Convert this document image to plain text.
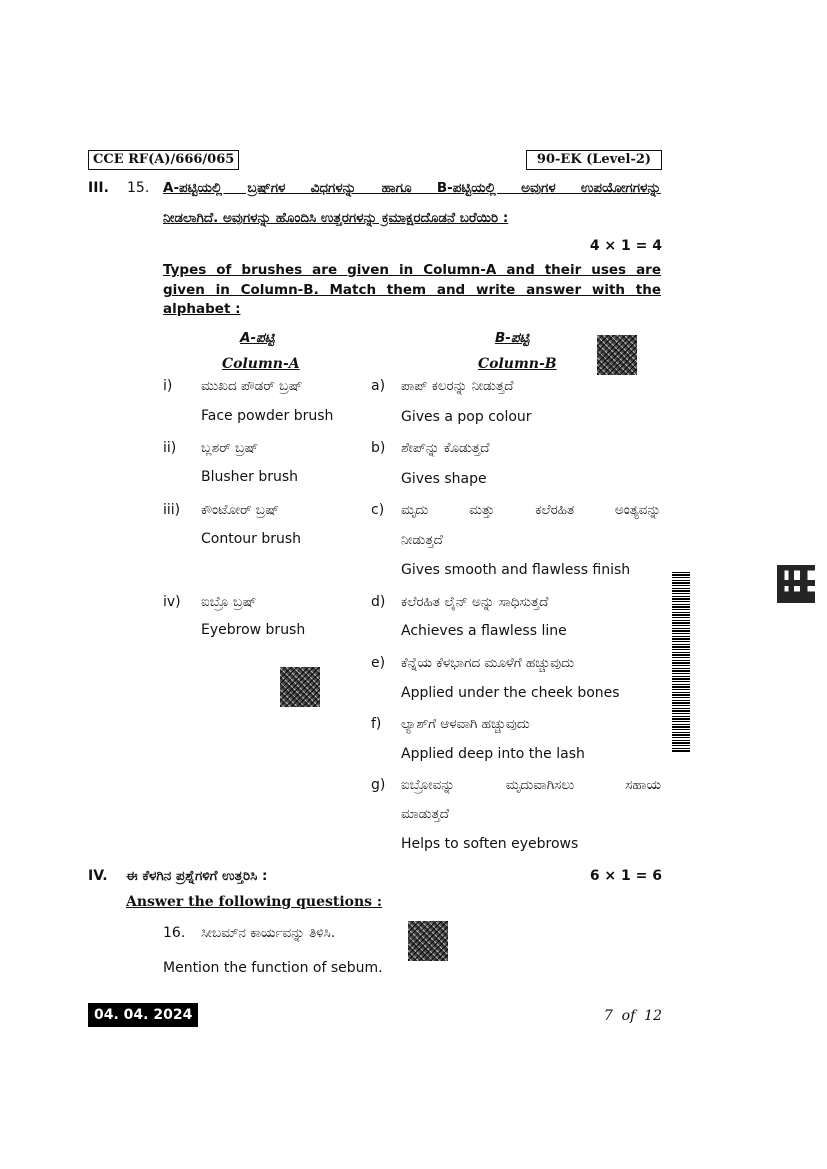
CCE RF(A)/666/065	90-EK (Level-2)
III. 15. A-ಪಟ್ಟಿಯಲ್ಲಿ ಬ್ರಷ್‌ಗಳ ವಿಧಗಳನ್ನು ಹಾಗೂ B-ಪಟ್ಟಿಯಲ್ಲಿ ಅವುಗಳ ಉಪಯೋಗಗಳನ್ನು
ನೀಡಲಾಗಿದೆ. ಅವುಗಳನ್ನು ಹೊಂದಿಸಿ ಉತ್ತರಗಳನ್ನು ಕ್ರಮಾಕ್ಷರದೊಡನೆ ಬರೆಯಿರಿ :
4 × 1 = 4
Types of brushes are given in Column-A and their uses are
given in Column-B. Match them and write answer with the
alphabet :
A-ಪಟ್ಟಿ
Column-A
B-ಪಟ್ಟಿ
Column-B
i) ಮುಖದ ಪೌಡರ್ ಬ್ರಷ್
Face powder brush
ii) ಬ್ಲಶರ್ ಬ್ರಷ್
Blusher brush
iii) ಕೌಂಟೋರ್ ಬ್ರಷ್
Contour brush
iv) ಐಬ್ರೊ ಬ್ರಷ್
Eyebrow brush
a) ಪಾಪ್ ಕಲರನ್ನು ನೀಡುತ್ತದೆ
Gives a pop colour
b) ಶೇಪ್‌ನ್ನು ಕೊಡುತ್ತದೆ
Gives shape
c) ಮೃದು ಮತ್ತು ಕಲೆರಹಿತ ಅಂತ್ಯವನ್ನು
ನೀಡುತ್ತದೆ
Gives smooth and flawless finish
d) ಕಲೆರಹಿತ ಲೈನ್ ಅನ್ನು ಸಾಧಿಸುತ್ತದೆ
Achieves a flawless line
e) ಕೆನ್ನೆಯ ಕೆಳಭಾಗದ ಮೂಳೆಗೆ ಹಚ್ಚುವುದು
Applied under the cheek bones
f) ಲ್ಯಾಶ್‌ಗೆ ಆಳವಾಗಿ ಹಚ್ಚುವುದು
Applied deep into the lash
g) ಐಬ್ರೋವನ್ನು ಮೃದುವಾಗಿಸಲು ಸಹಾಯ
ಮಾಡುತ್ತದೆ
Helps to soften eyebrows
IV. ಈ ಕೆಳಗಿನ ಪ್ರಶ್ನೆಗಳಿಗೆ ಉತ್ತರಿಸಿ :	6 × 1 = 6
Answer the following questions :
16. ಸೀಬಮ್‌ನ ಕಾರ್ಯವನ್ನು ತಿಳಿಸಿ.
Mention the function of sebum.
04. 04. 2024	7  of  12
